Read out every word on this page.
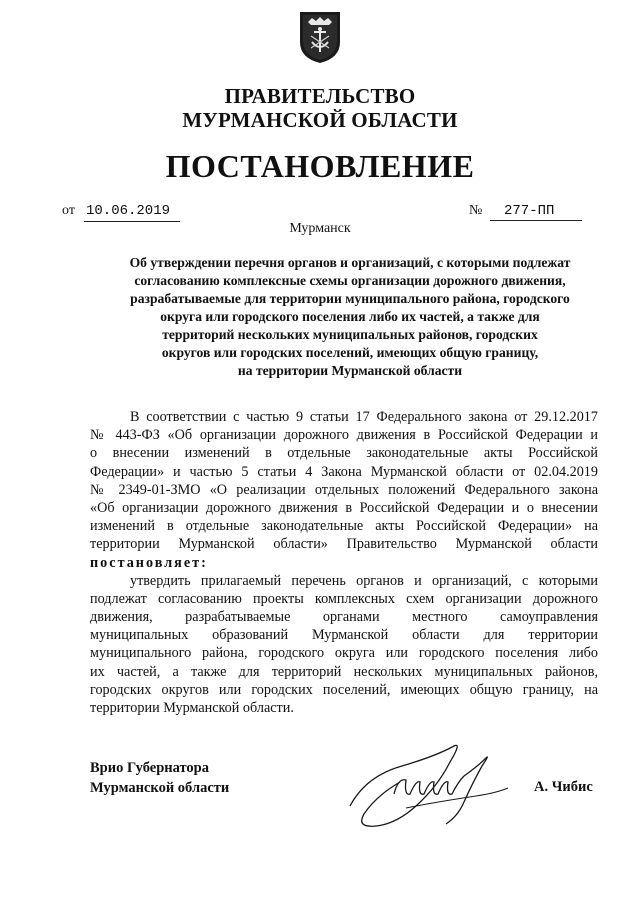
ПРАВИТЕЛЬСТВО
МУРМАНСКОЙ ОБЛАСТИ
ПОСТАНОВЛЕНИЕ
от 10.06.2019	№	277-ПП
Мурманск
Об утверждении перечня органов и организаций, с которыми подлежат
согласованию комплексные схемы организации дорожного движения,
разрабатываемые для территории муниципального района, городского
округа или городского поселения либо их частей, а также для
территорий нескольких муниципальных районов, городских
округов или городских поселений, имеющих общую границу,
на территории Мурманской области
В соответствии с частью 9 статьи 17 Федерального закона от 29.12.2017
№ 443-ФЗ «Об организации дорожного движения в Российской Федерации и
о внесении изменений в отдельные законодательные акты Российской
Федерации» и частью 5 статьи 4 Закона Мурманской области от 02.04.2019
№ 2349-01-ЗМО «О реализации отдельных положений Федерального закона
«Об организации дорожного движения в Российской Федерации и о внесении
изменений в отдельные законодательные акты Российской Федерации» на
территории Мурманской области» Правительство Мурманской области
постановляет:
утвердить прилагаемый перечень органов и организаций, с которыми
подлежат согласованию проекты комплексных схем организации дорожного
движения, разрабатываемые органами местного самоуправления
муниципальных образований Мурманской области для территории
муниципального района, городского округа или городского поселения либо
их частей, а также для территорий нескольких муниципальных районов,
городских округов или городских поселений, имеющих общую границу, на
территории Мурманской области.
Врио Губернатора
Мурманской области	А. Чибис
